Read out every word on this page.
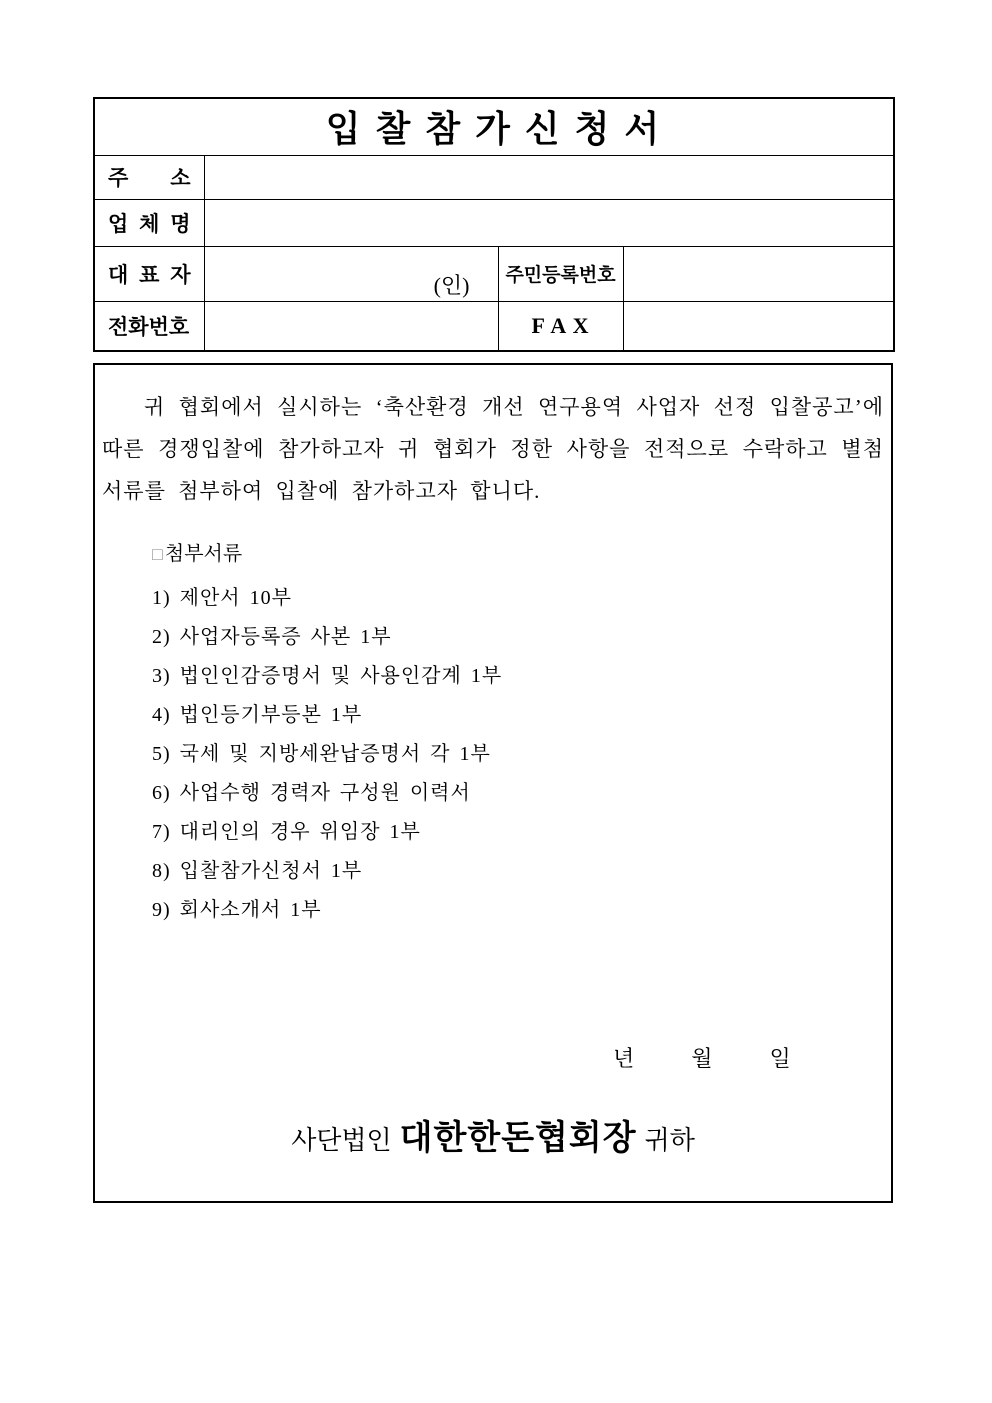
입 찰 참 가 신 청 서			
주 소			
업 체 명			
대 표 자	(인)	주민등록번호	
전화번호		F A X	

귀 협회에서 실시하는 ‘축산환경 개선 연구용역 사업자 선정 입찰공고’에 따른 경쟁입찰에 참가하고자 귀 협회가 정한 사항을 전적으로 수락하고 별첨 서류를 첨부하여 입찰에 참가하고자 합니다.

□ 첨부서류
1) 제안서 10부
2) 사업자등록증 사본 1부
3) 법인인감증명서 및 사용인감계 1부
4) 법인등기부등본 1부
5) 국세 및 지방세완납증명서 각 1부
6) 사업수행 경력자 구성원 이력서
7) 대리인의 경우 위임장 1부
8) 입찰참가신청서 1부
9) 회사소개서 1부
년	월	일
사단법인 대한한돈협회장 귀하
